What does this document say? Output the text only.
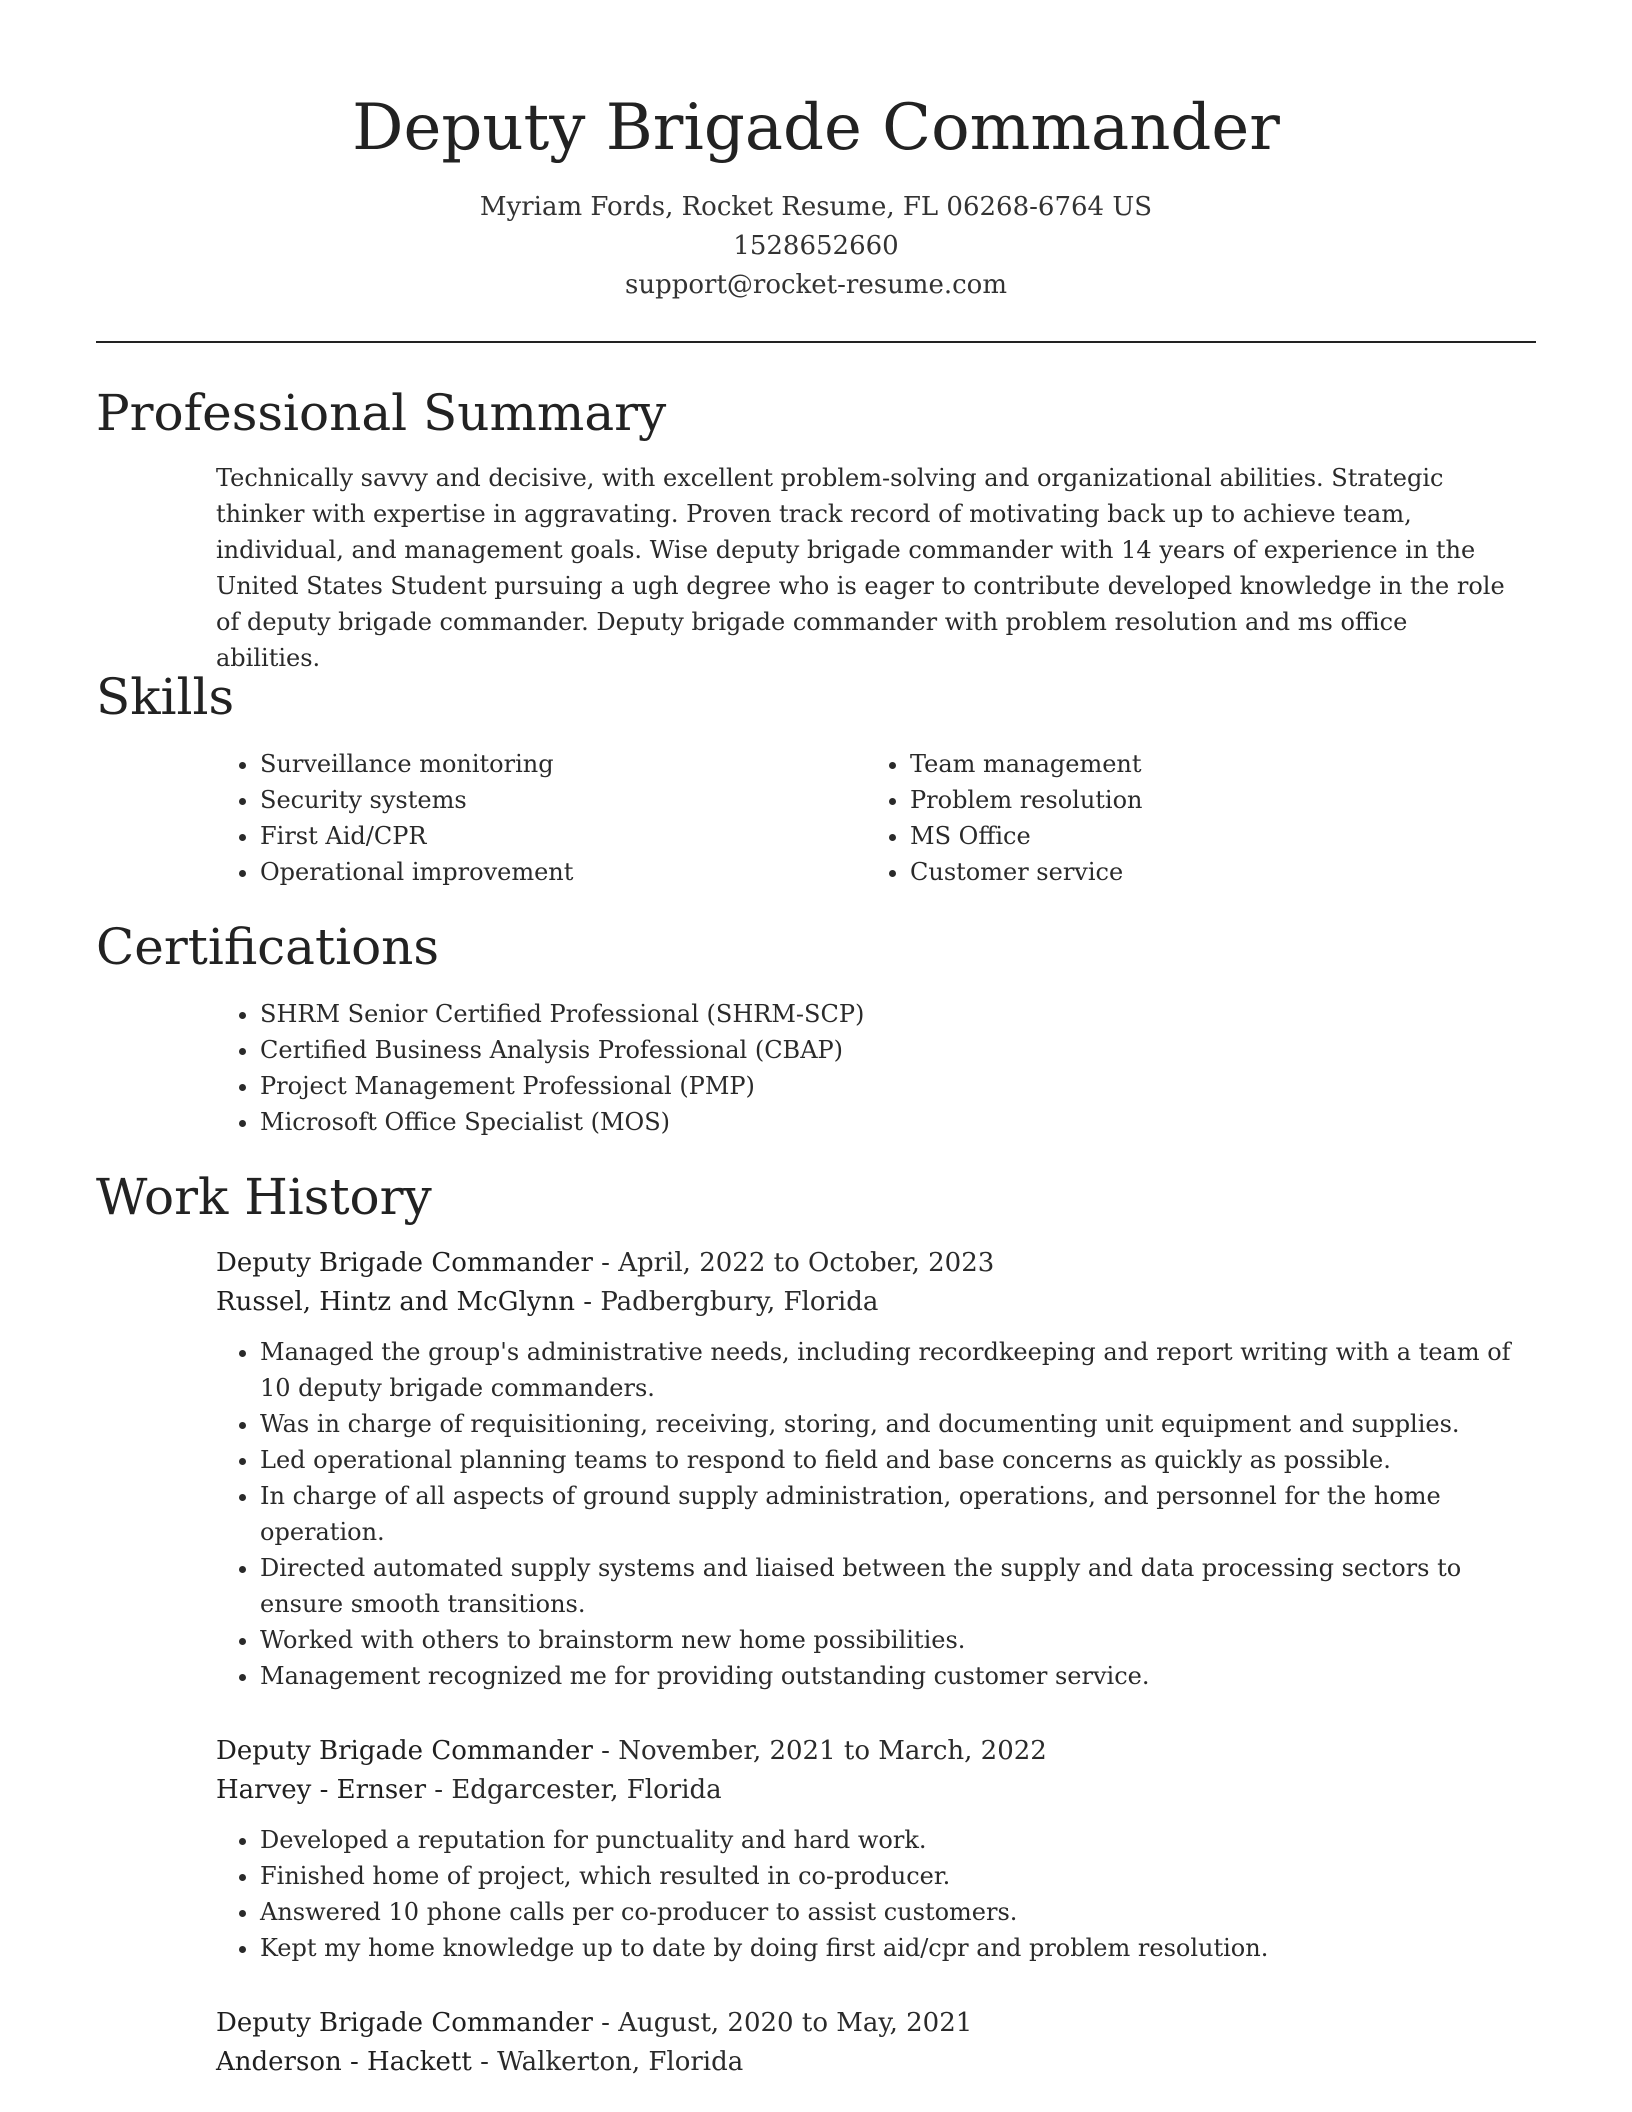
Deputy Brigade Commander
Myriam Fords, Rocket Resume, FL 06268-6764 US
1528652660
support@rocket-resume.com
Professional Summary

Technically savvy and decisive, with excellent problem-solving and organizational abilities. Strategic thinker with expertise in aggravating. Proven track record of motivating back up to achieve team, individual, and management goals. Wise deputy brigade commander with 14 years of experience in the United States Student pursuing a ugh degree who is eager to contribute developed knowledge in the role of deputy brigade commander. Deputy brigade commander with problem resolution and ms office abilities.

Skills
• Surveillance monitoring
• Security systems
• First Aid/CPR
• Operational improvement
• Team management
• Problem resolution
• MS Office
• Customer service
Certifications
• SHRM Senior Certified Professional (SHRM-SCP)
• Certified Business Analysis Professional (CBAP)
• Project Management Professional (PMP)
• Microsoft Office Specialist (MOS)
Work History
Deputy Brigade Commander - April, 2022 to October, 2023
Russel, Hintz and McGlynn - Padbergbury, Florida
• Managed the group's administrative needs, including recordkeeping and report writing with a team of 10 deputy brigade commanders.
• Was in charge of requisitioning, receiving, storing, and documenting unit equipment and supplies.
• Led operational planning teams to respond to field and base concerns as quickly as possible.
• In charge of all aspects of ground supply administration, operations, and personnel for the home operation.
• Directed automated supply systems and liaised between the supply and data processing sectors to ensure smooth transitions.
• Worked with others to brainstorm new home possibilities.
• Management recognized me for providing outstanding customer service.
Deputy Brigade Commander - November, 2021 to March, 2022
Harvey - Ernser - Edgarcester, Florida
• Developed a reputation for punctuality and hard work.
• Finished home of project, which resulted in co-producer.
• Answered 10 phone calls per co-producer to assist customers.
• Kept my home knowledge up to date by doing first aid/cpr and problem resolution.
Deputy Brigade Commander - August, 2020 to May, 2021
Anderson - Hackett - Walkerton, Florida
